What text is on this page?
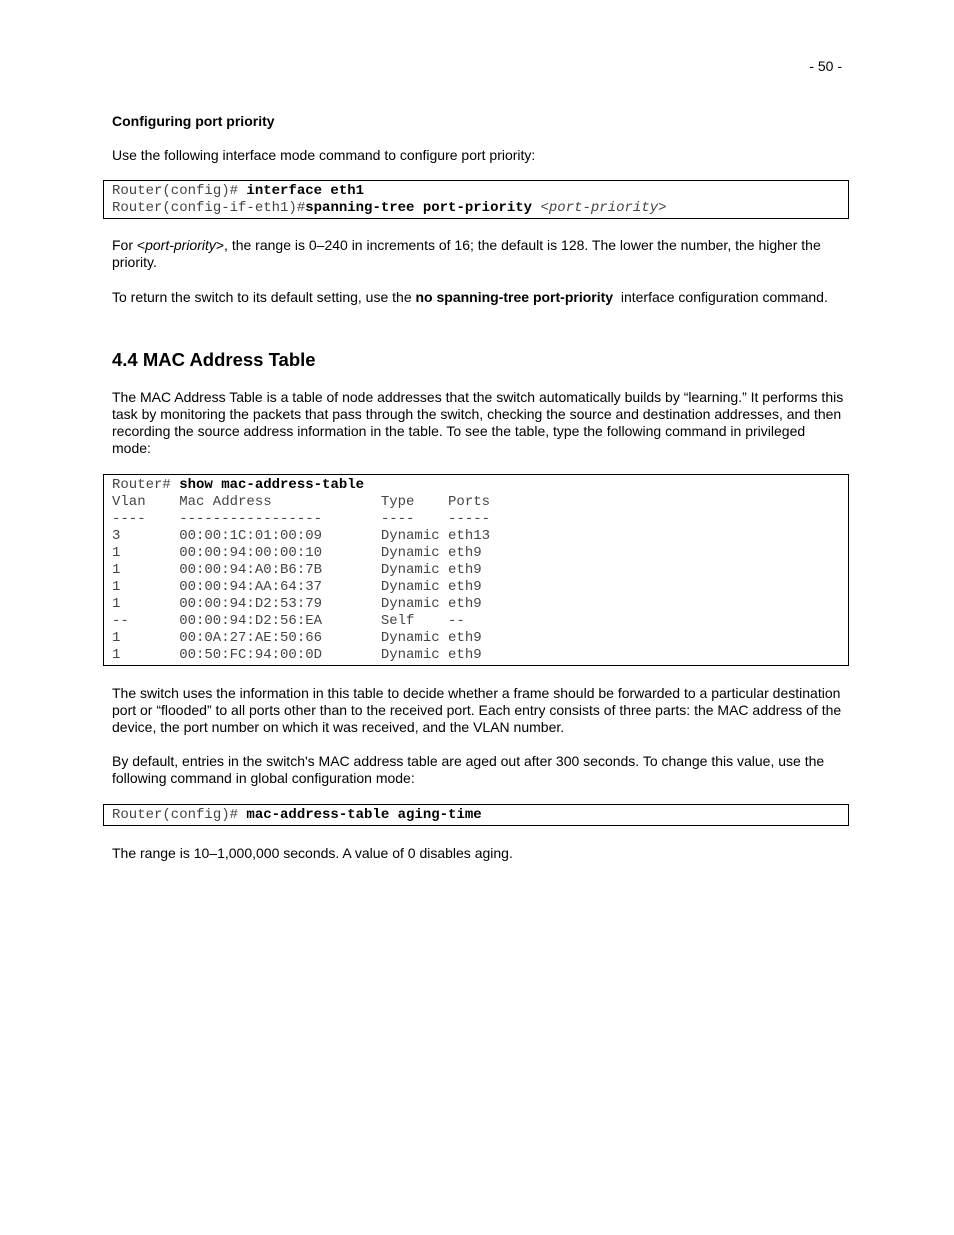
- 50 -
Configuring port priority
Use the following interface mode command to configure port priority:
Router(config)# interface eth1
Router(config-if-eth1)#spanning-tree port-priority <port-priority>
For <port-priority>, the range is 0–240 in increments of 16; the default is 128. The lower the number, the higher the priority.
To return the switch to its default setting, use the no spanning-tree port-priority  interface configuration command.
4.4 MAC Address Table
The MAC Address Table is a table of node addresses that the switch automatically builds by “learning.” It performs this task by monitoring the packets that pass through the switch, checking the source and destination addresses, and then recording the source address information in the table. To see the table, type the following command in privileged mode:
Router# show mac-address-table
Vlan	Mac Address	Type	Ports
----	-----------------	----	-----
3	00:00:1C:01:00:09	Dynamic eth13
1	00:00:94:00:00:10	Dynamic eth9
1	00:00:94:A0:B6:7B	Dynamic eth9
1	00:00:94:AA:64:37	Dynamic eth9
1	00:00:94:D2:53:79	Dynamic eth9
--	00:00:94:D2:56:EA	Self	--
1	00:0A:27:AE:50:66	Dynamic eth9
1	00:50:FC:94:00:0D	Dynamic eth9
The switch uses the information in this table to decide whether a frame should be forwarded to a particular destination port or “flooded” to all ports other than to the received port. Each entry consists of three parts: the MAC address of the device, the port number on which it was received, and the VLAN number.
By default, entries in the switch's MAC address table are aged out after 300 seconds. To change this value, use the following command in global configuration mode:
Router(config)# mac-address-table aging-time
The range is 10–1,000,000 seconds. A value of 0 disables aging.
